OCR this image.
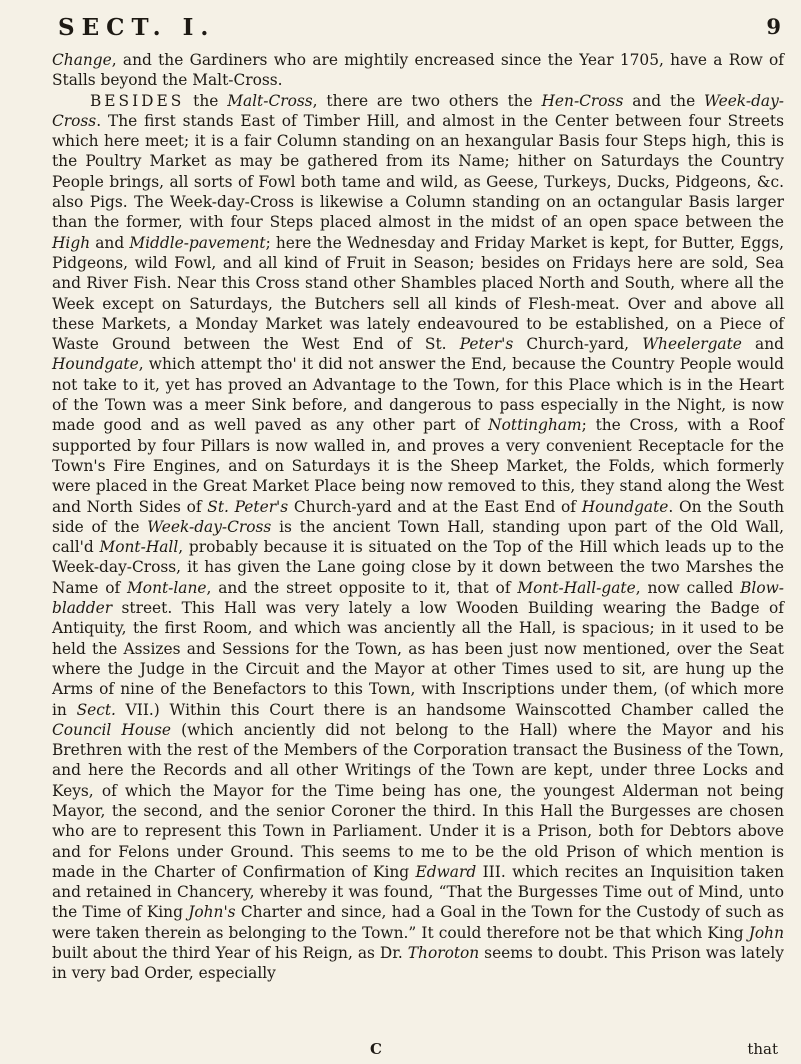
SECT. I.	9

Change, and the Gardiners who are mightily encreased since the Year 1705, have a Row of Stalls beyond the Malt-Cross.

BESIDES the Malt-Cross, there are two others the Hen-Cross and the Week-day-Cross. The first stands East of Timber Hill, and almost in the Center between four Streets which here meet; it is a fair Column standing on an hexangular Basis four Steps high, this is the Poultry Market as may be gathered from its Name; hither on Saturdays the Country People brings, all sorts of Fowl both tame and wild, as Geese, Turkeys, Ducks, Pidgeons, &c. also Pigs. The Week-day-Cross is likewise a Column standing on an octangular Basis larger than the former, with four Steps placed almost in the midst of an open space between the High and Middle-pavement; here the Wednesday and Friday Market is kept, for Butter, Eggs, Pidgeons, wild Fowl, and all kind of Fruit in Season; besides on Fridays here are sold, Sea and River Fish. Near this Cross stand other Shambles placed North and South, where all the Week except on Saturdays, the Butchers sell all kinds of Flesh-meat. Over and above all these Markets, a Monday Market was lately endeavoured to be established, on a Piece of Waste Ground between the West End of St. Peter's Church-yard, Wheelergate and Houndgate, which attempt tho' it did not answer the End, because the Country People would not take to it, yet has proved an Advantage to the Town, for this Place which is in the Heart of the Town was a meer Sink before, and dangerous to pass especially in the Night, is now made good and as well paved as any other part of Nottingham; the Cross, with a Roof supported by four Pillars is now walled in, and proves a very convenient Receptacle for the Town's Fire Engines, and on Saturdays it is the Sheep Market, the Folds, which formerly were placed in the Great Market Place being now removed to this, they stand along the West and North Sides of St. Peter's Church-yard and at the East End of Houndgate. On the South side of the Week-day-Cross is the ancient Town Hall, standing upon part of the Old Wall, call'd Mont-Hall, probably because it is situated on the Top of the Hill which leads up to the Week-day-Cross, it has given the Lane going close by it down between the two Marshes the Name of Mont-lane, and the street opposite to it, that of Mont-Hall-gate, now called Blow-bladder street. This Hall was very lately a low Wooden Building wearing the Badge of Antiquity, the first Room, and which was anciently all the Hall, is spacious; in it used to be held the Assizes and Sessions for the Town, as has been just now mentioned, over the Seat where the Judge in the Circuit and the Mayor at other Times used to sit, are hung up the Arms of nine of the Benefactors to this Town, with Inscriptions under them, (of which more in Sect. VII.) Within this Court there is an handsome Wainscotted Chamber called the Council House (which anciently did not belong to the Hall) where the Mayor and his Brethren with the rest of the Members of the Corporation transact the Business of the Town, and here the Records and all other Writings of the Town are kept, under three Locks and Keys, of which the Mayor for the Time being has one, the youngest Alderman not being Mayor, the second, and the senior Coroner the third. In this Hall the Burgesses are chosen who are to represent this Town in Parliament. Under it is a Prison, both for Debtors above and for Felons under Ground. This seems to me to be the old Prison of which mention is made in the Charter of Confirmation of King Edward III. which recites an Inquisition taken and retained in Chancery, whereby it was found, “That the Burgesses Time out of Mind, unto the Time of King John's Charter and since, had a Goal in the Town for the Custody of such as were taken therein as belonging to the Town.” It could therefore not be that which King John built about the third Year of his Reign, as Dr. Thoroton seems to doubt. This Prison was lately in very bad Order, especially

C	that
